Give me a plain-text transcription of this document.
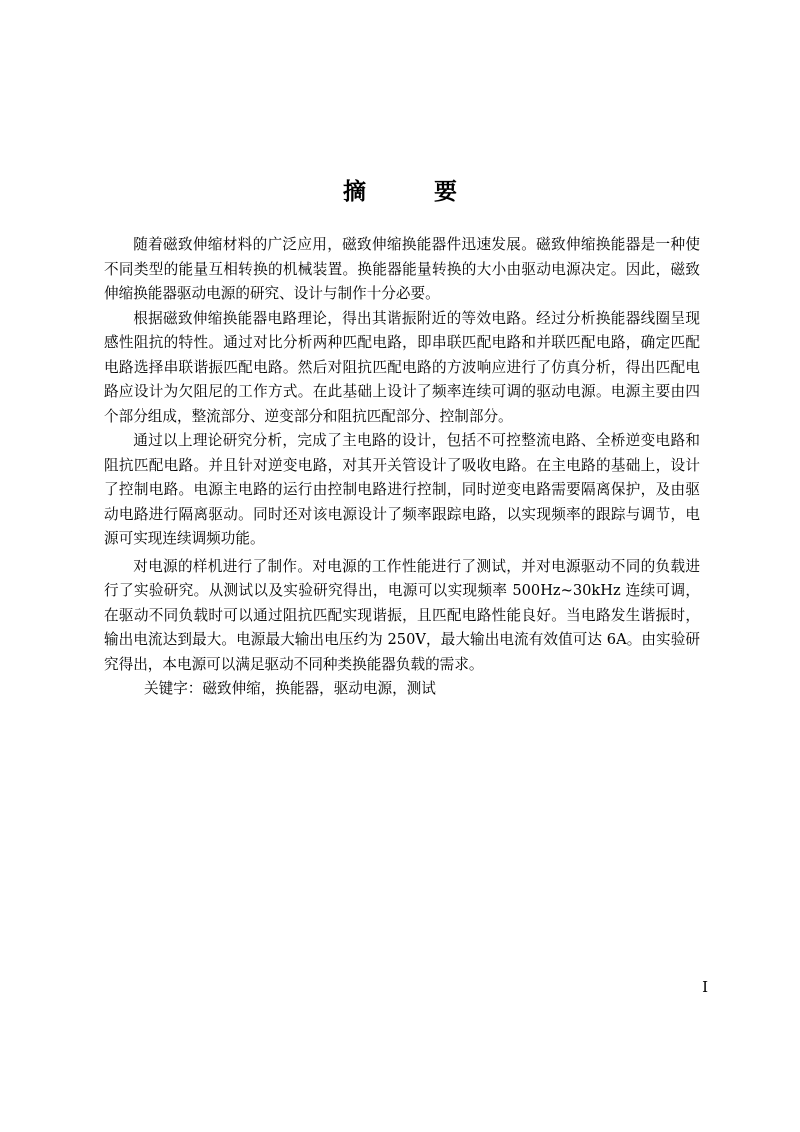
摘 要

随着磁致伸缩材料的广泛应用，磁致伸缩换能器件迅速发展。磁致伸缩换能器是一种使不同类型的能量互相转换的机械装置。换能器能量转换的大小由驱动电源决定。因此，磁致伸缩换能器驱动电源的研究、设计与制作十分必要。

根据磁致伸缩换能器电路理论，得出其谐振附近的等效电路。经过分析换能器线圈呈现感性阻抗的特性。通过对比分析两种匹配电路，即串联匹配电路和并联匹配电路，确定匹配电路选择串联谐振匹配电路。然后对阻抗匹配电路的方波响应进行了仿真分析，得出匹配电路应设计为欠阻尼的工作方式。在此基础上设计了频率连续可调的驱动电源。电源主要由四个部分组成，整流部分、逆变部分和阻抗匹配部分、控制部分。

通过以上理论研究分析，完成了主电路的设计，包括不可控整流电路、全桥逆变电路和阻抗匹配电路。并且针对逆变电路，对其开关管设计了吸收电路。在主电路的基础上，设计了控制电路。电源主电路的运行由控制电路进行控制，同时逆变电路需要隔离保护，及由驱动电路进行隔离驱动。同时还对该电源设计了频率跟踪电路，以实现频率的跟踪与调节，电源可实现连续调频功能。

对电源的样机进行了制作。对电源的工作性能进行了测试，并对电源驱动不同的负载进行了实验研究。从测试以及实验研究得出，电源可以实现频率 500Hz~30kHz 连续可调，在驱动不同负载时可以通过阻抗匹配实现谐振，且匹配电路性能良好。当电路发生谐振时，输出电流达到最大。电源最大输出电压约为 250V，最大输出电流有效值可达 6A。由实验研究得出，本电源可以满足驱动不同种类换能器负载的需求。

关键字：磁致伸缩，换能器，驱动电源，测试

I
